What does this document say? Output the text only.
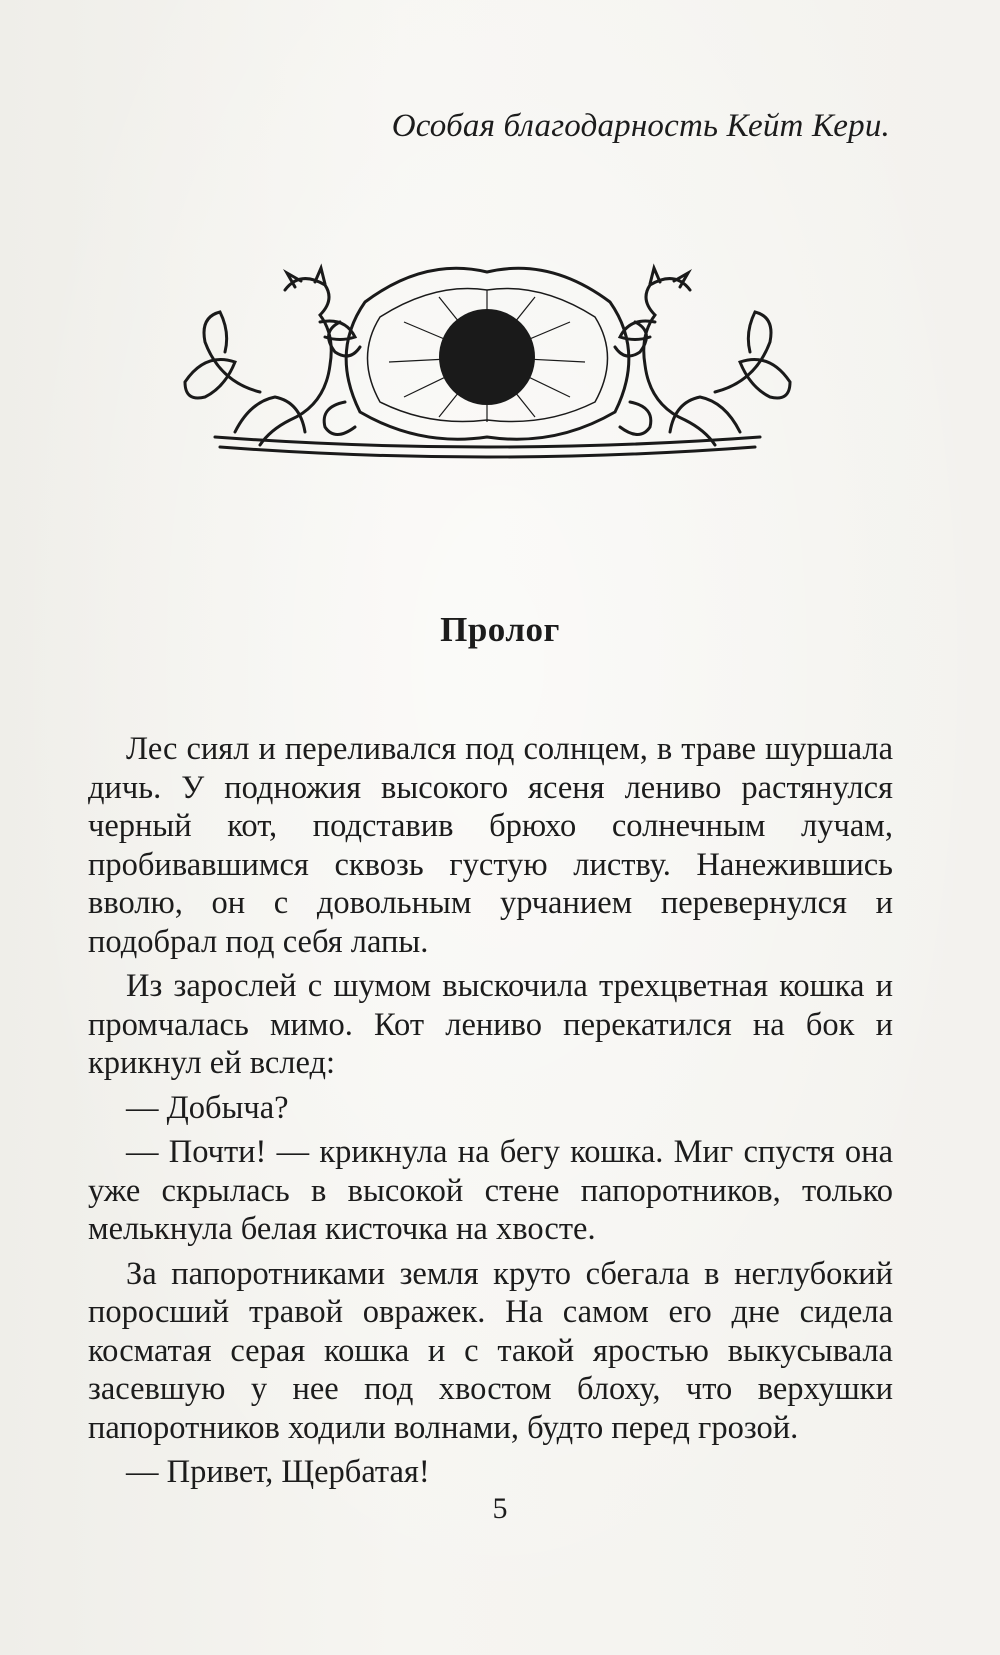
Особая благодарность Кейт Кери.
Пролог

Лес сиял и переливался под солнцем, в траве шуршала дичь. У подножия высокого ясеня лениво растянулся черный кот, подставив брюхо солнечным лучам, пробивавшимся сквозь густую листву. Нанежившись вволю, он с довольным урчанием перевернулся и подобрал под себя лапы.

Из зарослей с шумом выскочила трехцветная кошка и промчалась мимо. Кот лениво перекатился на бок и крикнул ей вслед:

— Добыча?

— Почти! — крикнула на бегу кошка. Миг спустя она уже скрылась в высокой стене папоротников, только мелькнула белая кисточка на хвосте.

За папоротниками земля круто сбегала в неглубокий поросший травой овражек. На самом его дне сидела косматая серая кошка и с такой яростью выкусывала засевшую у нее под хвостом блоху, что верхушки папоротников ходили волнами, будто перед грозой.

— Привет, Щербатая!

5
